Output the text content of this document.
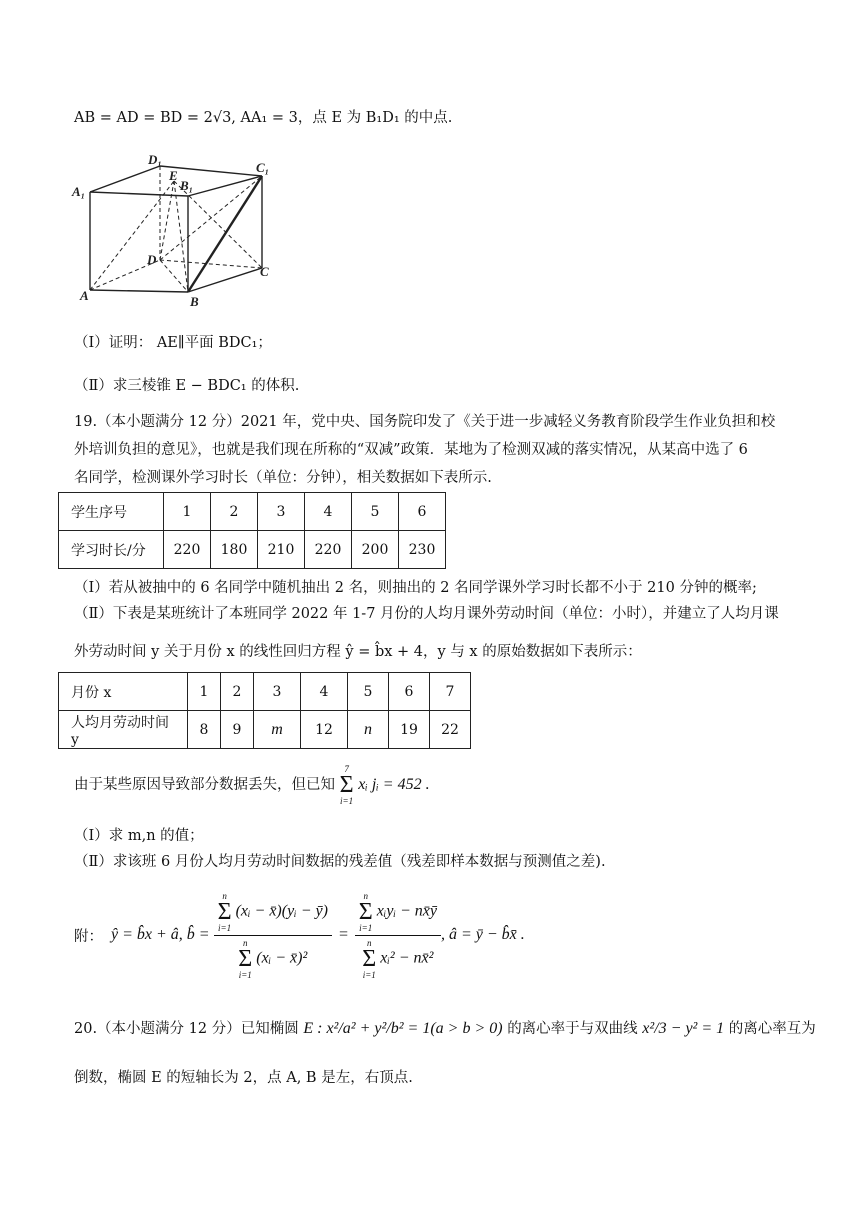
AB = AD = BD = 2√3, AA₁ = 3，点 E 为 B₁D₁ 的中点.
D₁
C₁
A₁
E
B₁
D
C
A	B
（Ⅰ）证明： AE∥平面 BDC₁；
（Ⅱ）求三棱锥 E − BDC₁ 的体积.
19.（本小题满分 12 分）2021 年，党中央、国务院印发了《关于进一步减轻义务教育阶段学生作业负担和校
外培训负担的意见》，也就是我们现在所称的“双减”政策．某地为了检测双减的落实情况，从某高中选了 6
名同学，检测课外学习时长（单位：分钟），相关数据如下表所示.
学生序号	1	2	3	4	5	6
学习时长/分	220	180	210	220	200	230
（Ⅰ）若从被抽中的 6 名同学中随机抽出 2 名，则抽出的 2 名同学课外学习时长都不小于 210 分钟的概率;
（Ⅱ）下表是某班统计了本班同学 2022 年 1-7 月份的人均月课外劳动时间（单位：小时），并建立了人均月课
外劳动时间 y 关于月份 x 的线性回归方程 ŷ = b̂x + 4，y 与 x 的原始数据如下表所示：
月份 x	1	2	3	4	5	6	7
人均月劳动时间 y	8	9	m	12	n	19	22
由于某些原因导致部分数据丢失，但已知
7
Σ
i=1
xᵢ jᵢ = 452 .
（Ⅰ）求 m,n 的值；
（Ⅱ）求该班 6 月份人均月劳动时间数据的残差值（残差即样本数据与预测值之差).
附： ŷ = b̂x + â, b̂ = n
Σ
i=1
(xᵢ − x̄)(yᵢ − ȳ)
n
Σ
i=1
(xᵢ − x̄)² = n
Σ
i=1
xᵢyᵢ − nx̄ȳ
n
Σ
i=1
xᵢ² − nx̄² , â = ȳ − b̂x̄ .
20.（本小题满分 12 分）已知椭圆 E : x²/a² + y²/b² = 1(a > b > 0) 的离心率于与双曲线 x²/3 − y² = 1 的离心率互为
倒数，椭圆 E 的短轴长为 2，点 A, B 是左，右顶点.
